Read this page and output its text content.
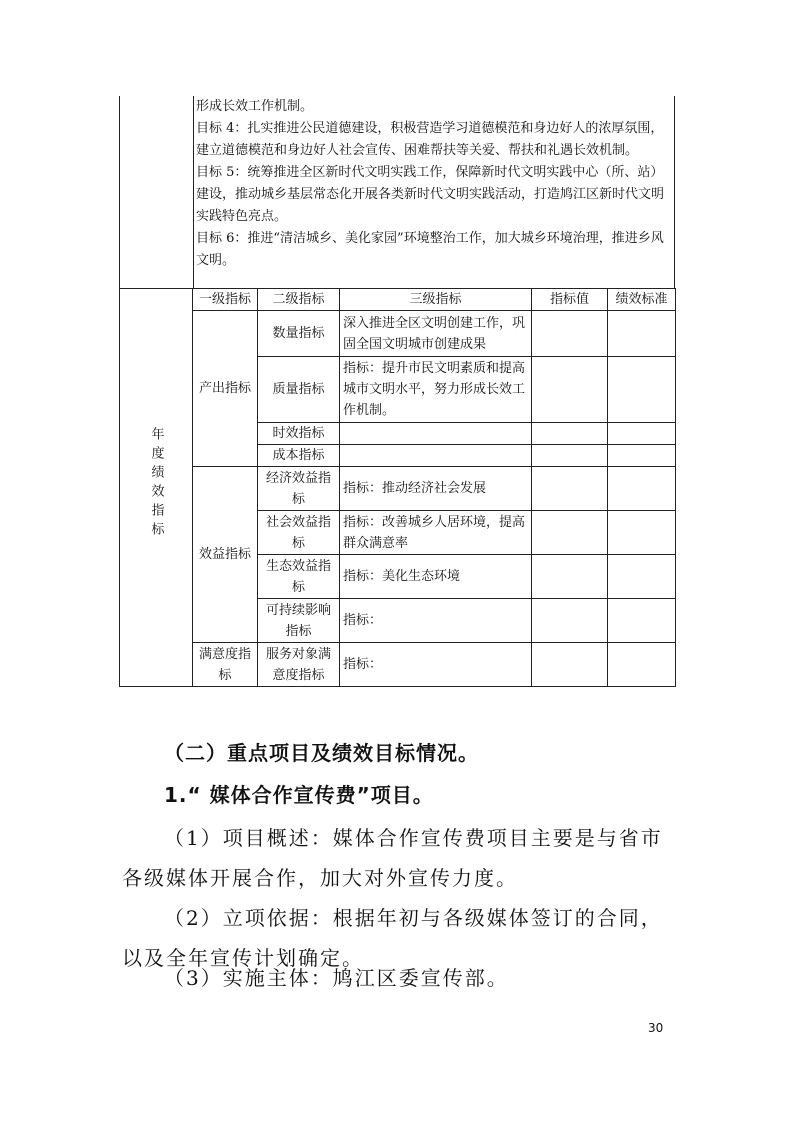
形成长效工作机制。

目标 4：扎实推进公民道德建设，积极营造学习道德模范和身边好人的浓厚氛围，建立道德模范和身边好人社会宣传、困难帮扶等关爱、帮扶和礼遇长效机制。

目标 5：统筹推进全区新时代文明实践工作，保障新时代文明实践中心（所、站）建设，推动城乡基层常态化开展各类新时代文明实践活动，打造鸠江区新时代文明实践特色亮点。

目标 6：推进“清洁城乡、美化家园”环境整治工作，加大城乡环境治理，推进乡风文明。

年度绩效指标	一级指标	二级指标	三级指标	指标值	绩效标准
	产出指标	数量指标	深入推进全区文明创建工作，巩固全国文明城市创建成果		
		质量指标	指标：提升市民文明素质和提高城市文明水平，努力形成长效工作机制。		
		时效指标			
		成本指标			
	效益指标	经济效益指标	指标：推动经济社会发展		
		社会效益指标	指标：改善城乡人居环境，提高群众满意率		
		生态效益指标	指标：美化生态环境		
		可持续影响指标	指标：		
	满意度指标	服务对象满意度指标	指标：		
（二）重点项目及绩效目标情况。
1.“ 媒体合作宣传费”项目。
（1）项目概述：媒体合作宣传费项目主要是与省市各级媒体开展合作，加大对外宣传力度。
（2）立项依据：根据年初与各级媒体签订的合同，以及全年宣传计划确定。
（3）实施主体：鸠江区委宣传部。
30
